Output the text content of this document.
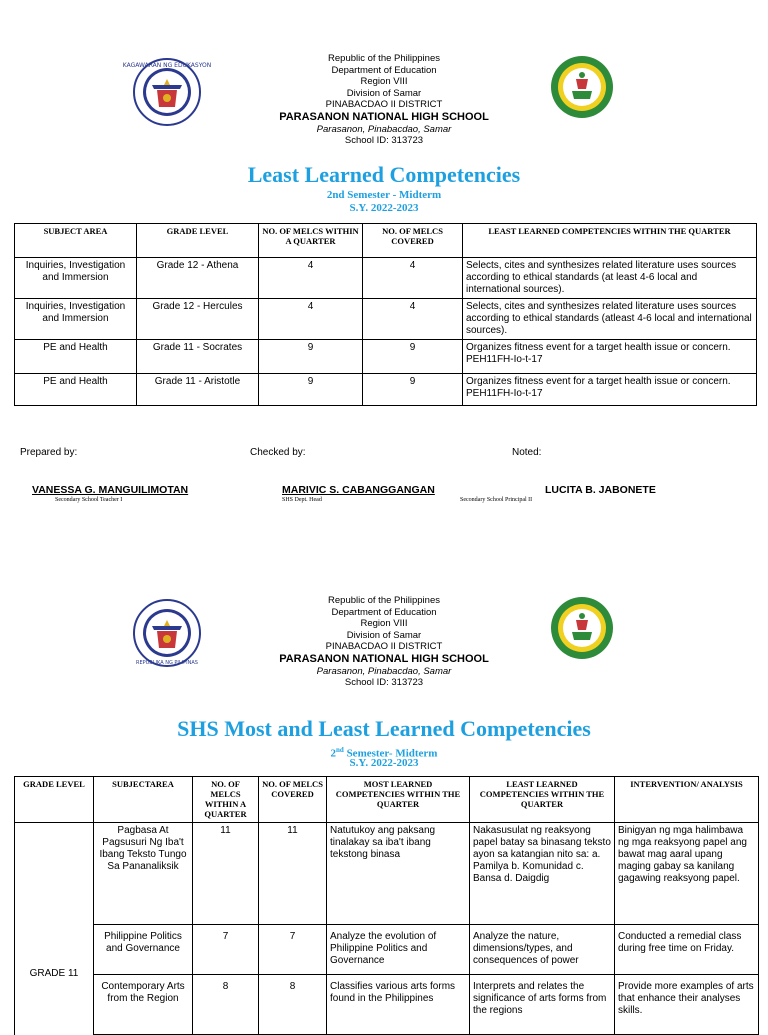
KAGAWARAN NG EDUKASYON
Republic of the Philippines
Department of Education
Region VIII
Division of Samar
PINABACDAO II DISTRICT
PARASANON NATIONAL HIGH SCHOOL
Parasanon, Pinabacdao, Samar
School ID: 313723
Least Learned Competencies
2nd Semester - Midterm
S.Y. 2022-2023
SUBJECT AREA	GRADE LEVEL	NO. OF MELCS WITHIN A QUARTER	NO. OF MELCS COVERED	LEAST LEARNED COMPETENCIES WITHIN THE QUARTER
Inquiries, Investigation and Immersion	Grade 12 - Athena	4	4	Selects, cites and synthesizes related literature uses sources according to ethical standards (at least 4-6 local and international sources).
Inquiries, Investigation and Immersion	Grade 12 - Hercules	4	4	Selects, cites and synthesizes related literature uses sources according to ethical standards (atleast 4-6 local and international sources).
PE and Health	Grade 11 - Socrates	9	9	Organizes fitness event for a target health issue or concern. PEH11FH-Io-t-17
PE and Health	Grade 11 - Aristotle	9	9	Organizes fitness event for a target health issue or concern. PEH11FH-Io-t-17
Prepared by:	Checked by:	Noted:
VANESSA G. MANGUILIMOTAN
Secondary School Teacher I
MARIVIC S. CABANGGANGAN
SHS Dept. Head
LUCITA B. JABONETE
Secondary School Principal II
REPUBLIKA NG PILIPINAS
Republic of the Philippines
Department of Education
Region VIII
Division of Samar
PINABACDAO II DISTRICT
PARASANON NATIONAL HIGH SCHOOL
Parasanon, Pinabacdao, Samar
School ID: 313723
SHS Most and Least Learned Competencies
2nd Semester- Midterm
S.Y. 2022-2023
GRADE LEVEL	SUBJECTAREA	NO. OF MELCS WITHIN A QUARTER	NO. OF MELCS COVERED	MOST LEARNED COMPETENCIES WITHIN THE QUARTER	LEAST LEARNED COMPETENCIES WITHIN THE QUARTER	INTERVENTION/ ANALYSIS
GRADE 11	Pagbasa At Pagsusuri Ng Iba't Ibang Teksto Tungo Sa Pananaliksik	11	11	Natutukoy ang paksang tinalakay sa iba't ibang tekstong binasa	Nakasusulat ng reaksyong papel batay sa binasang teksto ayon sa katangian nito sa: a. Pamilya b. Komunidad c. Bansa d. Daigdig	Binigyan ng mga halimbawa ng mga reaksyong papel ang bawat mag aaral upang maging gabay sa kanilang gagawing reaksyong papel.
	Philippine Politics and Governance	7	7	Analyze the evolution of Philippine Politics and Governance	Analyze the nature, dimensions/types, and consequences of power	Conducted a remedial class during free time on Friday.
	Contemporary Arts from the Region	8	8	Classifies various arts forms found in the Philippines	Interprets and relates the significance of arts forms from the regions	Provide more examples of arts that enhance their analyses skills.
